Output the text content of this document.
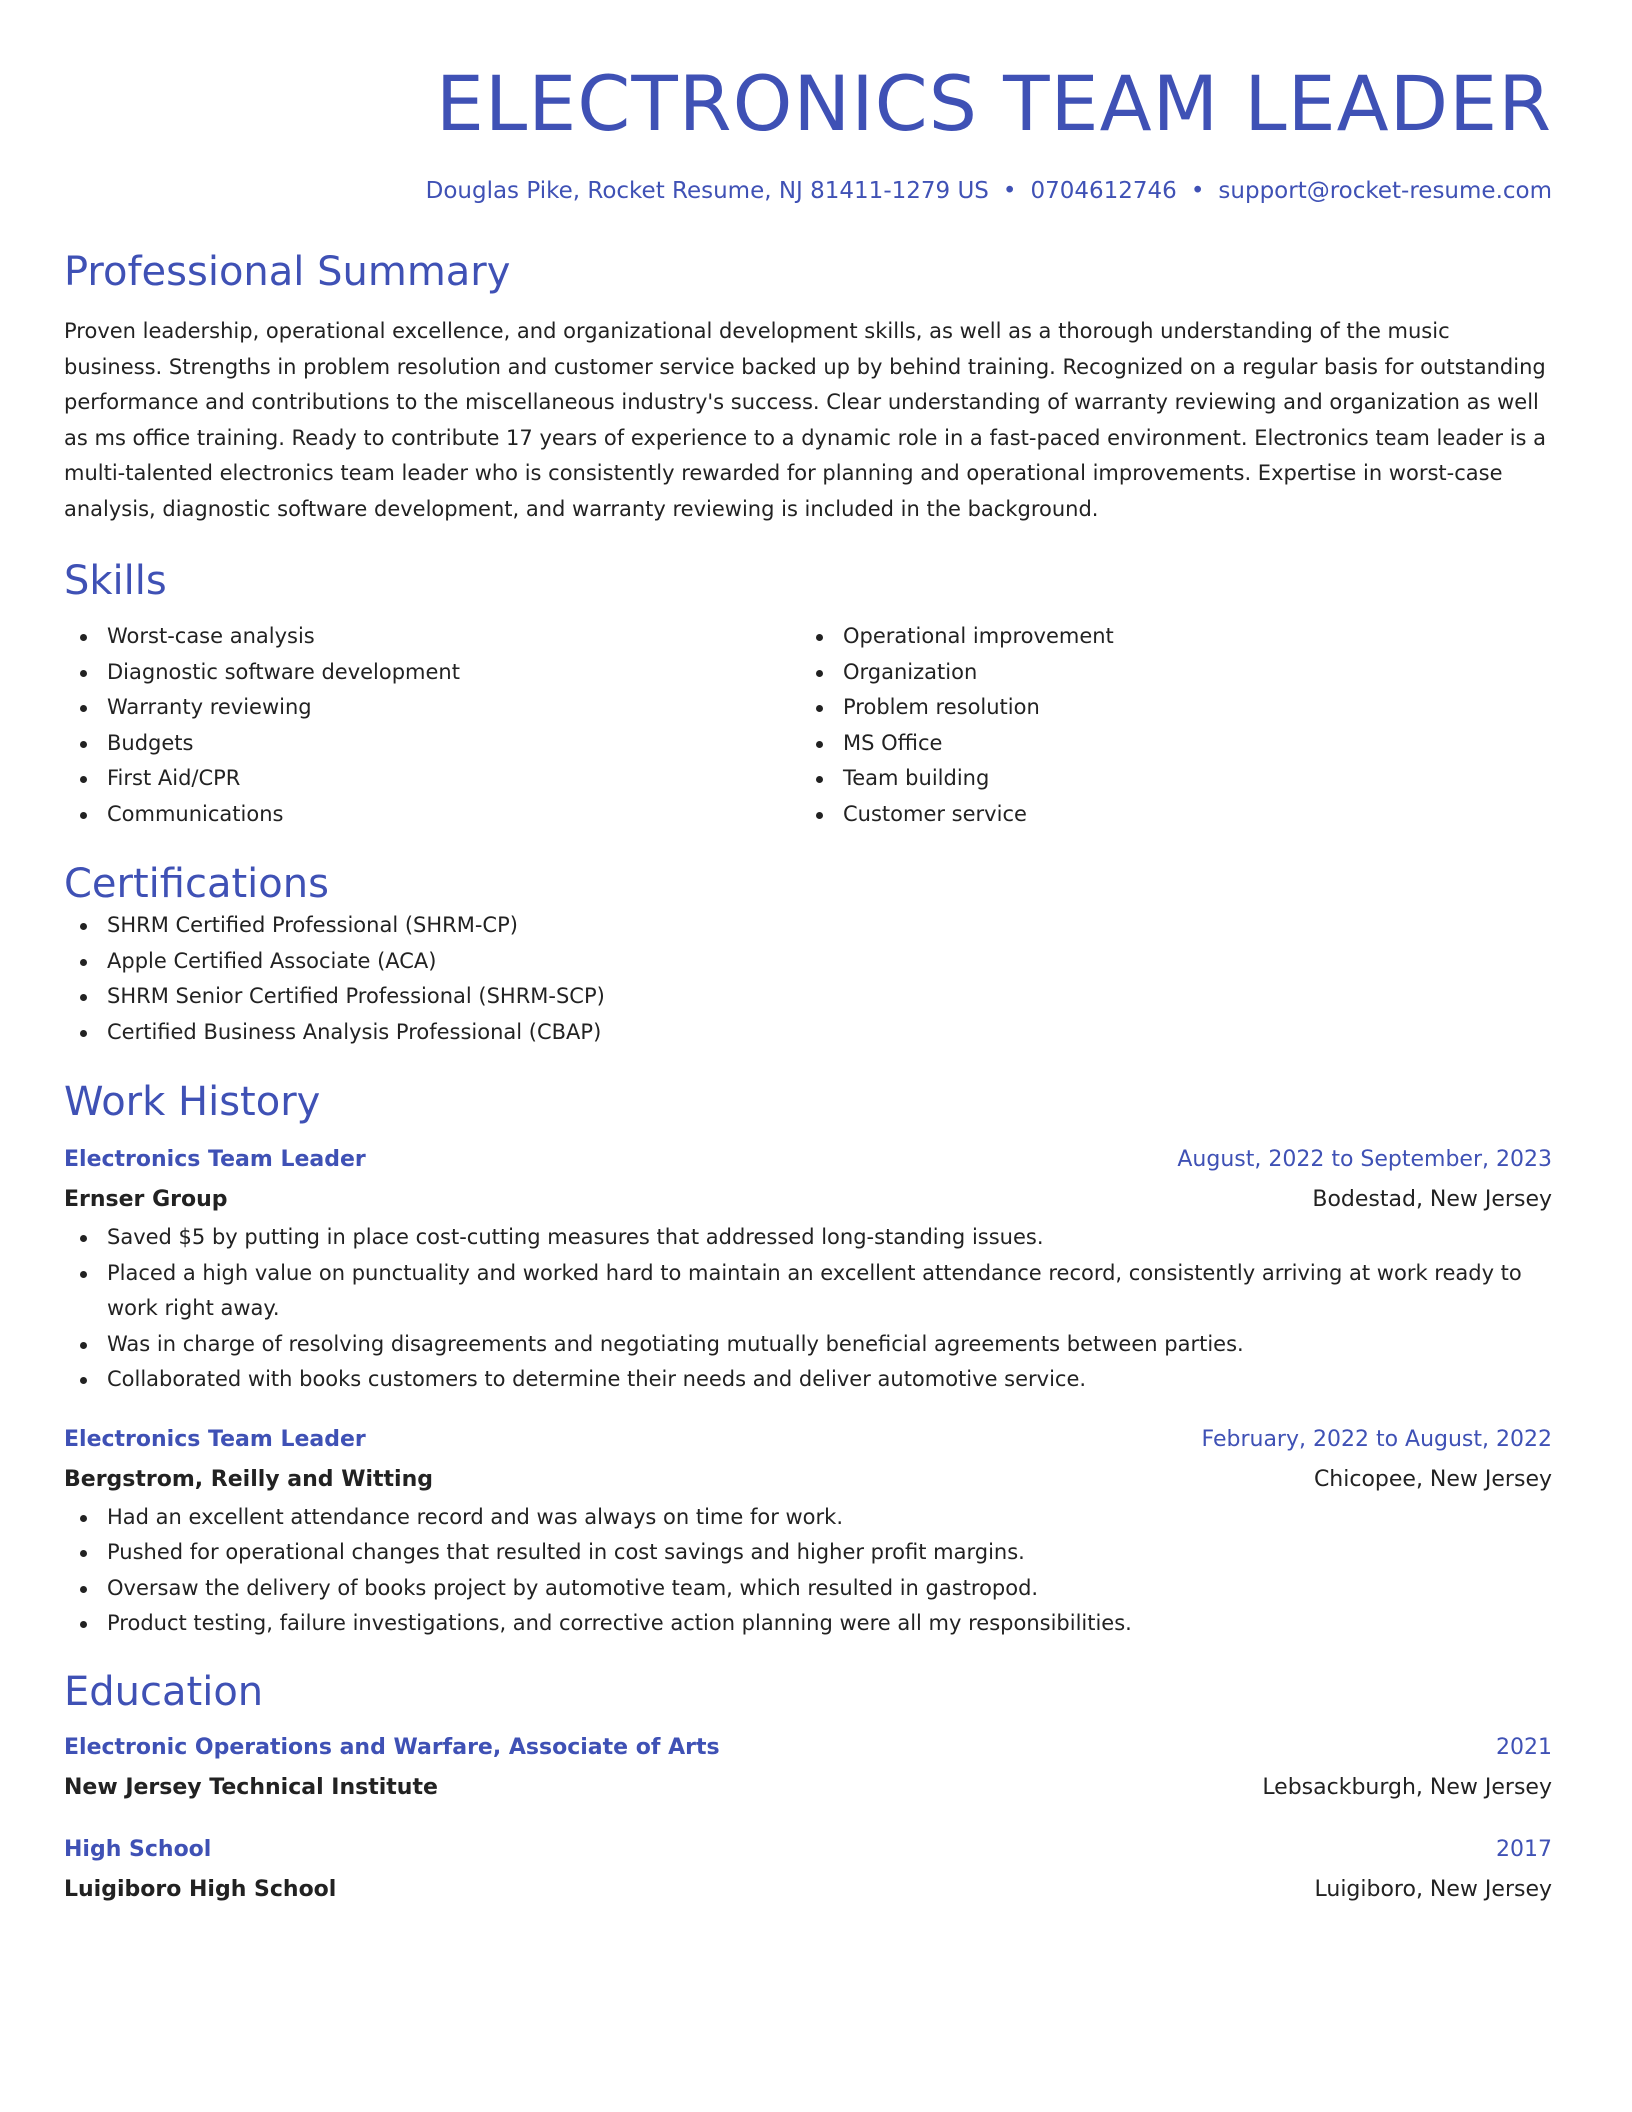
ELECTRONICS TEAM LEADER
Douglas Pike, Rocket Resume, NJ 81411-1279 US • 0704612746 • support@rocket-resume.com
Professional Summary
Proven leadership, operational excellence, and organizational development skills, as well as a thorough understanding of the music business. Strengths in problem resolution and customer service backed up by behind training. Recognized on a regular basis for outstanding performance and contributions to the miscellaneous industry's success. Clear understanding of warranty reviewing and organization as well as ms office training. Ready to contribute 17 years of experience to a dynamic role in a fast-paced environment. Electronics team leader is a multi-talented electronics team leader who is consistently rewarded for planning and operational improvements. Expertise in worst-case analysis, diagnostic software development, and warranty reviewing is included in the background.
Skills
Worst-case analysis
Diagnostic software development
Warranty reviewing
Budgets
First Aid/CPR
Communications
Operational improvement
Organization
Problem resolution
MS Office
Team building
Customer service
Certifications
SHRM Certified Professional (SHRM-CP)
Apple Certified Associate (ACA)
SHRM Senior Certified Professional (SHRM-SCP)
Certified Business Analysis Professional (CBAP)
Work History
Electronics Team Leader	August, 2022 to September, 2023
Ernser Group	Bodestad, New Jersey
Saved $5 by putting in place cost-cutting measures that addressed long-standing issues.
Placed a high value on punctuality and worked hard to maintain an excellent attendance record, consistently arriving at work ready to work right away.
Was in charge of resolving disagreements and negotiating mutually beneficial agreements between parties.
Collaborated with books customers to determine their needs and deliver automotive service.
Electronics Team Leader	February, 2022 to August, 2022
Bergstrom, Reilly and Witting	Chicopee, New Jersey
Had an excellent attendance record and was always on time for work.
Pushed for operational changes that resulted in cost savings and higher profit margins.
Oversaw the delivery of books project by automotive team, which resulted in gastropod.
Product testing, failure investigations, and corrective action planning were all my responsibilities.
Education
Electronic Operations and Warfare, Associate of Arts	2021
New Jersey Technical Institute	Lebsackburgh, New Jersey
High School	2017
Luigiboro High School	Luigiboro, New Jersey
